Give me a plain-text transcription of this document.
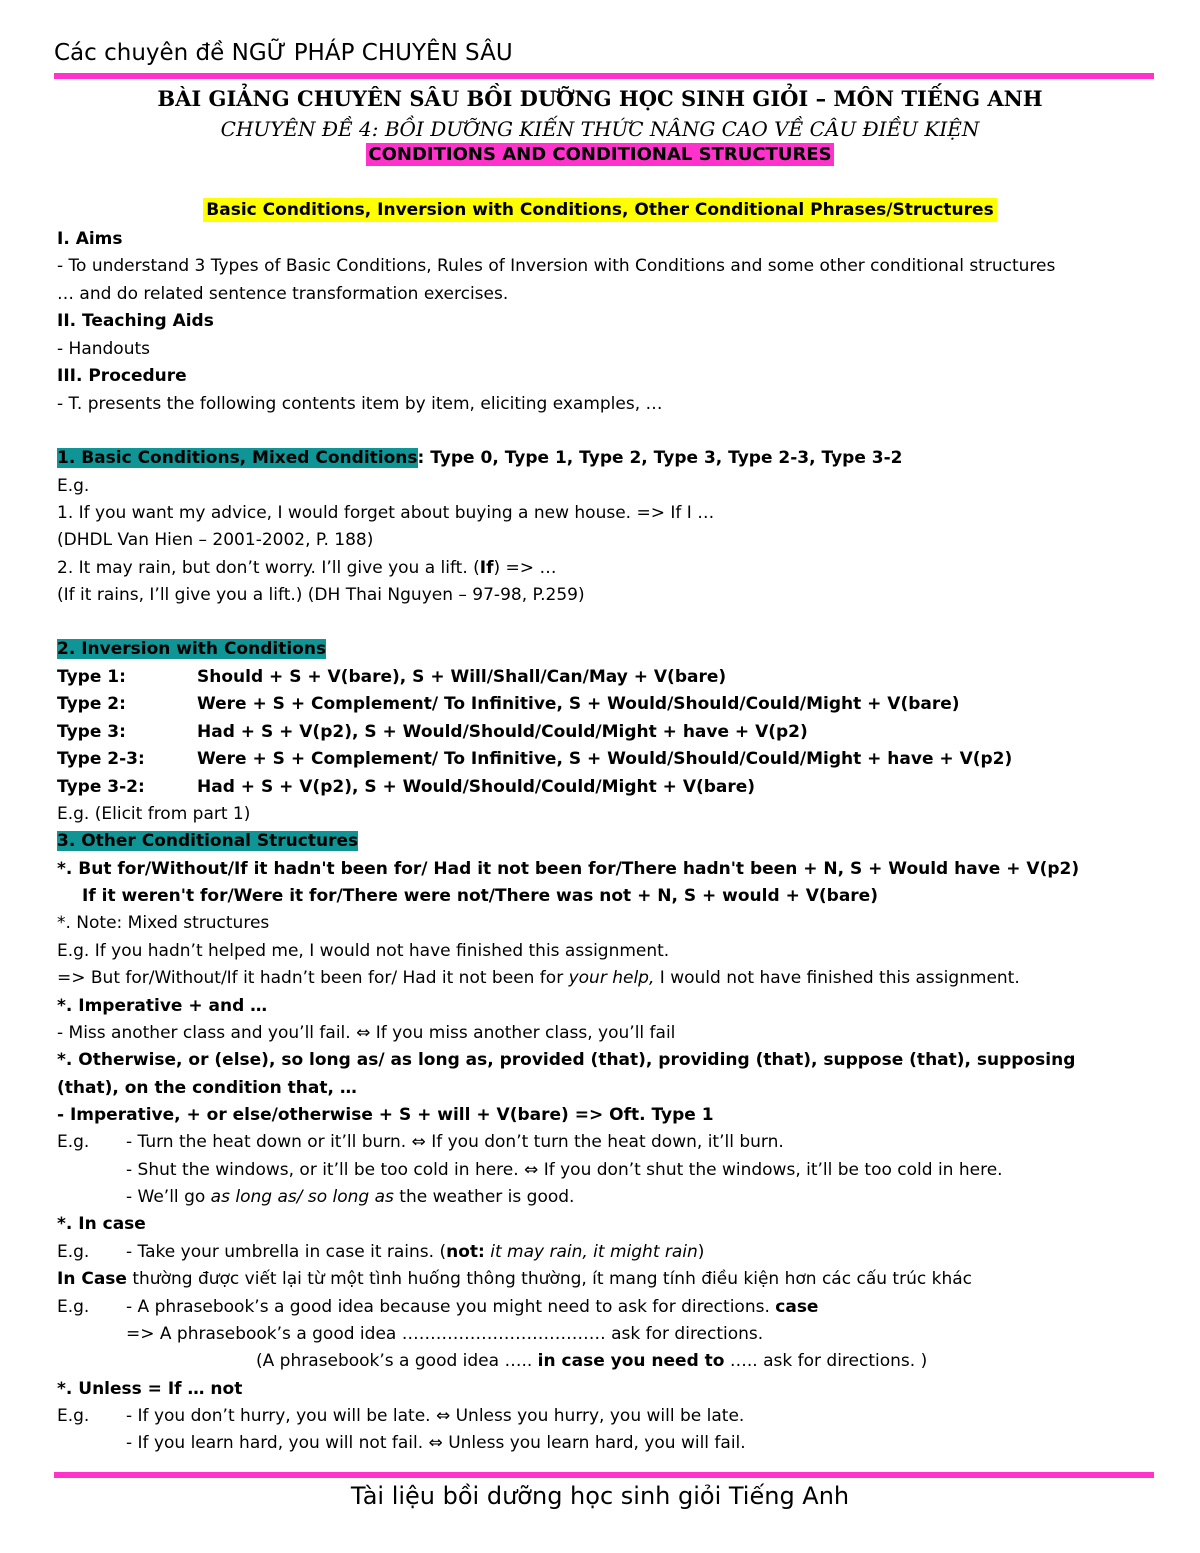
Các chuyên đề NGỮ PHÁP CHUYÊN SÂU
BÀI GIẢNG CHUYÊN SÂU BỒI DƯỠNG HỌC SINH GIỎI – MÔN TIẾNG ANH
CHUYÊN ĐỀ 4: BỒI DƯỠNG KIẾN THỨC NÂNG CAO VỀ CÂU ĐIỀU KIỆN
CONDITIONS AND CONDITIONAL STRUCTURES
Basic Conditions, Inversion with Conditions, Other Conditional Phrases/Structures
I. Aims
- To understand 3 Types of Basic Conditions, Rules of Inversion with Conditions and some other conditional structures
… and do related sentence transformation exercises.
II. Teaching Aids
- Handouts
III. Procedure
- T. presents the following contents item by item, eliciting examples, …
1. Basic Conditions, Mixed Conditions: Type 0, Type 1, Type 2, Type 3, Type 2-3, Type 3-2
E.g.
1. If you want my advice, I would forget about buying a new house. => If I …
(DHDL Van Hien – 2001-2002, P. 188)
2. It may rain, but don’t worry. I’ll give you a lift. (If) => …
(If it rains, I’ll give you a lift.) (DH Thai Nguyen – 97-98, P.259)
2. Inversion with Conditions
Type 1:	Should + S + V(bare), S + Will/Shall/Can/May + V(bare)
Type 2:	Were + S + Complement/ To Infinitive, S + Would/Should/Could/Might + V(bare)
Type 3:	Had + S + V(p2), S + Would/Should/Could/Might + have + V(p2)
Type 2-3:	Were + S + Complement/ To Infinitive, S + Would/Should/Could/Might + have + V(p2)
Type 3-2:	Had + S + V(p2), S + Would/Should/Could/Might + V(bare)
E.g. (Elicit from part 1)
3. Other Conditional Structures
*. But for/Without/If it hadn't been for/ Had it not been for/There hadn't been + N, S + Would have + V(p2)
If it weren't for/Were it for/There were not/There was not + N, S + would + V(bare)
*. Note: Mixed structures
E.g. If you hadn’t helped me, I would not have finished this assignment.
=> But for/Without/If it hadn’t been for/ Had it not been for your help, I would not have finished this assignment.
*. Imperative + and …
- Miss another class and you’ll fail. ⇔ If you miss another class, you’ll fail
*. Otherwise, or (else), so long as/ as long as, provided (that), providing (that), suppose (that), supposing
(that), on the condition that, …
- Imperative, + or else/otherwise + S + will + V(bare) => Oft. Type 1
E.g. - Turn the heat down or it’ll burn. ⇔ If you don’t turn the heat down, it’ll burn.
- Shut the windows, or it’ll be too cold in here. ⇔ If you don’t shut the windows, it’ll be too cold in here.
- We’ll go as long as/ so long as the weather is good.
*. In case
E.g. - Take your umbrella in case it rains. (not: it may rain, it might rain)
In Case thường được viết lại từ một tình huống thông thường, ít mang tính điều kiện hơn các cấu trúc khác
E.g. - A phrasebook’s a good idea because you might need to ask for directions. case
=> A phrasebook’s a good idea ……………………………… ask for directions.
(A phrasebook’s a good idea ….. in case you need to ….. ask for directions. )
*. Unless = If … not
E.g. - If you don’t hurry, you will be late. ⇔ Unless you hurry, you will be late.
- If you learn hard, you will not fail. ⇔ Unless you learn hard, you will fail.
Tài liệu bồi dưỡng học sinh giỏi Tiếng Anh
